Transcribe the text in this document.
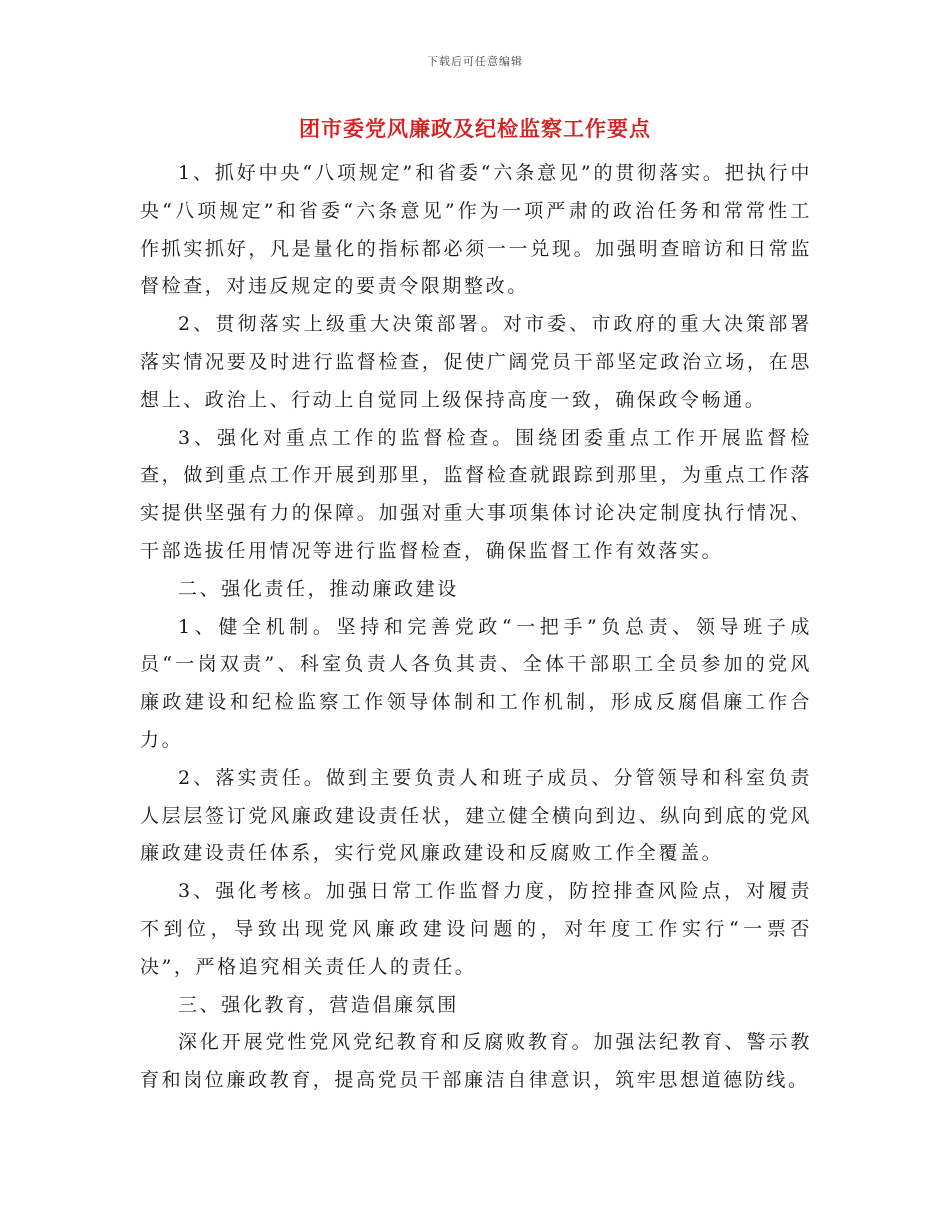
下载后可任意编辑
团市委党风廉政及纪检监察工作要点

1、抓好中央“八项规定”和省委“六条意见”的贯彻落实。把执行中央“八项规定”和省委“六条意见”作为一项严肃的政治任务和常常性工作抓实抓好，凡是量化的指标都必须一一兑现。加强明查暗访和日常监督检查，对违反规定的要责令限期整改。

2、贯彻落实上级重大决策部署。对市委、市政府的重大决策部署落实情况要及时进行监督检查，促使广阔党员干部坚定政治立场，在思想上、政治上、行动上自觉同上级保持高度一致，确保政令畅通。

3、强化对重点工作的监督检查。围绕团委重点工作开展监督检查，做到重点工作开展到那里，监督检查就跟踪到那里，为重点工作落实提供坚强有力的保障。加强对重大事项集体讨论决定制度执行情况、干部选拔任用情况等进行监督检查，确保监督工作有效落实。

二、强化责任，推动廉政建设

1、健全机制。坚持和完善党政“一把手”负总责、领导班子成员“一岗双责”、科室负责人各负其责、全体干部职工全员参加的党风廉政建设和纪检监察工作领导体制和工作机制，形成反腐倡廉工作合力。

2、落实责任。做到主要负责人和班子成员、分管领导和科室负责人层层签订党风廉政建设责任状，建立健全横向到边、纵向到底的党风廉政建设责任体系，实行党风廉政建设和反腐败工作全覆盖。

3、强化考核。加强日常工作监督力度，防控排查风险点，对履责不到位，导致出现党风廉政建设问题的，对年度工作实行“一票否决”，严格追究相关责任人的责任。

三、强化教育，营造倡廉氛围

深化开展党性党风党纪教育和反腐败教育。加强法纪教育、警示教育和岗位廉政教育，提高党员干部廉洁自律意识，筑牢思想道德防线。
